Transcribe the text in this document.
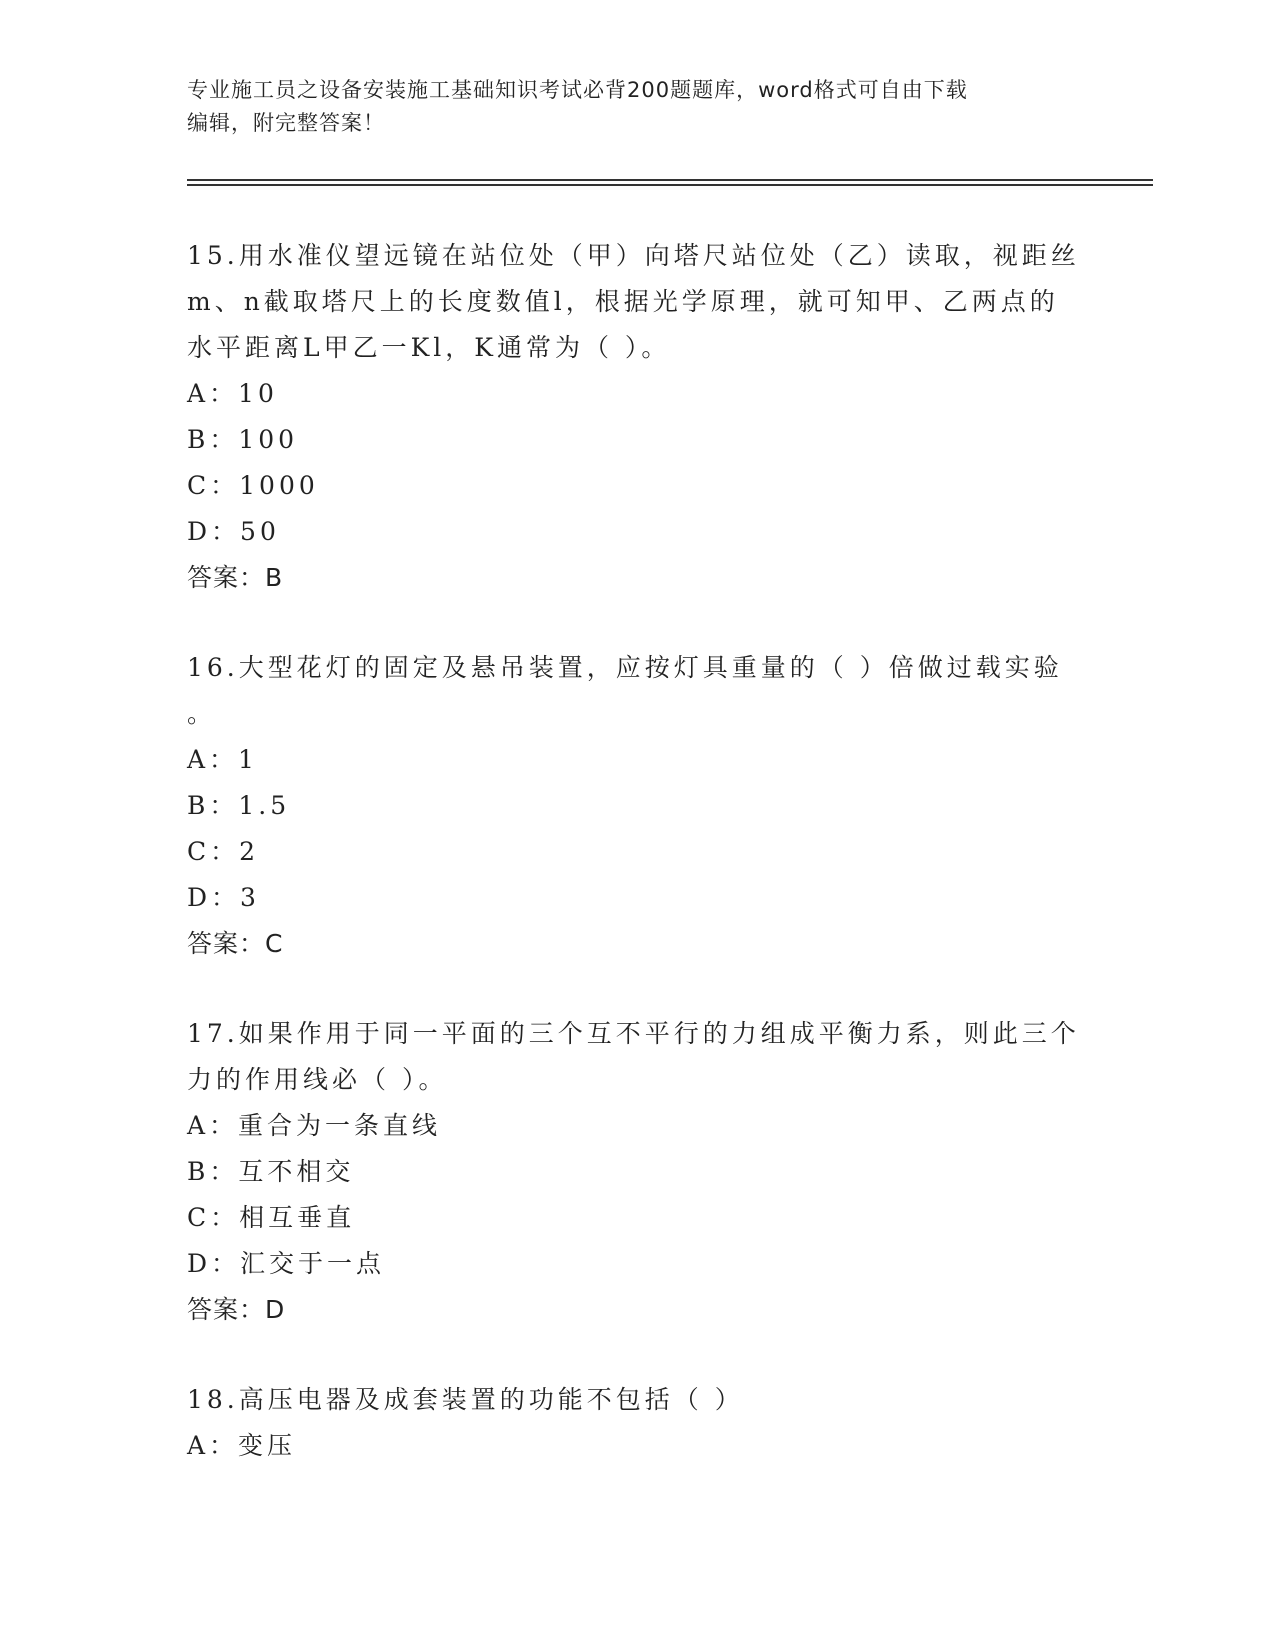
专业施工员之设备安装施工基础知识考试必背200题题库，word格式可自由下载
编辑，附完整答案！

15.用水准仪望远镜在站位处（甲）向塔尺站位处（乙）读取，视距丝

m、n截取塔尺上的长度数值l，根据光学原理，就可知甲、乙两点的

水平距离L甲乙一Kl，K通常为（ ）。

A：10

B：100

C：1000

D：50

答案：B

16.大型花灯的固定及悬吊装置，应按灯具重量的（ ）倍做过载实验

。

A：1

B：1.5

C：2

D：3

答案：C

17.如果作用于同一平面的三个互不平行的力组成平衡力系，则此三个

力的作用线必（ ）。

A：重合为一条直线

B：互不相交

C：相互垂直

D：汇交于一点

答案：D

18.高压电器及成套装置的功能不包括（ ）

A：变压
